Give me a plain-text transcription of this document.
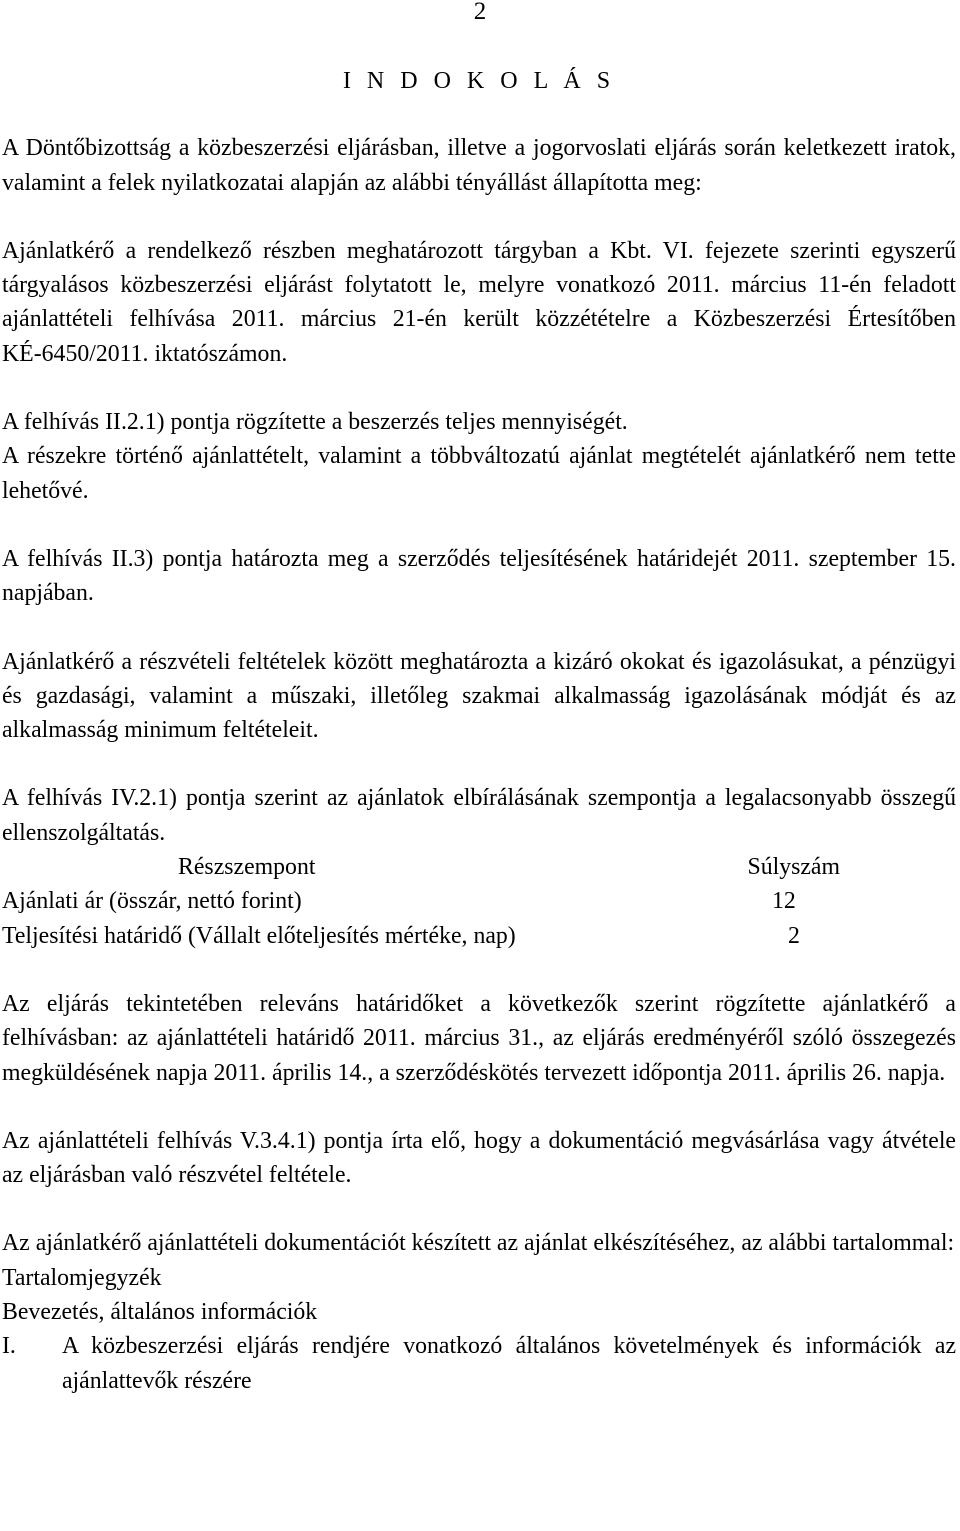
2
I N D O K O L Á S

A Döntőbizottság a közbeszerzési eljárásban, illetve a jogorvoslati eljárás során keletkezett iratok, valamint a felek nyilatkozatai alapján az alábbi tényállást állapította meg:

Ajánlatkérő a rendelkező részben meghatározott tárgyban a Kbt. VI. fejezete szerinti egyszerű tárgyalásos közbeszerzési eljárást folytatott le, melyre vonatkozó 2011. március 11-én feladott ajánlattételi felhívása 2011. március 21-én került közzétételre a Közbeszerzési Értesítőben KÉ-6450/2011. iktatószámon.

A felhívás II.2.1) pontja rögzítette a beszerzés teljes mennyiségét.

A részekre történő ajánlattételt, valamint a többváltozatú ajánlat megtételét ajánlatkérő nem tette lehetővé.

A felhívás II.3) pontja határozta meg a szerződés teljesítésének határidejét 2011. szeptember 15. napjában.

Ajánlatkérő a részvételi feltételek között meghatározta a kizáró okokat és igazolásukat, a pénzügyi és gazdasági, valamint a műszaki, illetőleg szakmai alkalmasság igazolásának módját és az alkalmasság minimum feltételeit.

A felhívás IV.2.1) pontja szerint az ajánlatok elbírálásának szempontja a legalacsonyabb összegű ellenszolgáltatás.

Részszempont	Súlyszám
Ajánlati ár (összár, nettó forint)	12
Teljesítési határidő (Vállalt előteljesítés mértéke, nap)	2

Az eljárás tekintetében releváns határidőket a következők szerint rögzítette ajánlatkérő a felhívásban: az ajánlattételi határidő 2011. március 31., az eljárás eredményéről szóló összegezés megküldésének napja 2011. április 14., a szerződéskötés tervezett időpontja 2011. április 26. napja.

Az ajánlattételi felhívás V.3.4.1) pontja írta elő, hogy a dokumentáció megvásárlása vagy átvétele az eljárásban való részvétel feltétele.

Az ajánlatkérő ajánlattételi dokumentációt készített az ajánlat elkészítéséhez, az alábbi tartalommal:

Tartalomjegyzék

Bevezetés, általános információk

I.	A közbeszerzési eljárás rendjére vonatkozó általános követelmények és információk az ajánlattevők részére
